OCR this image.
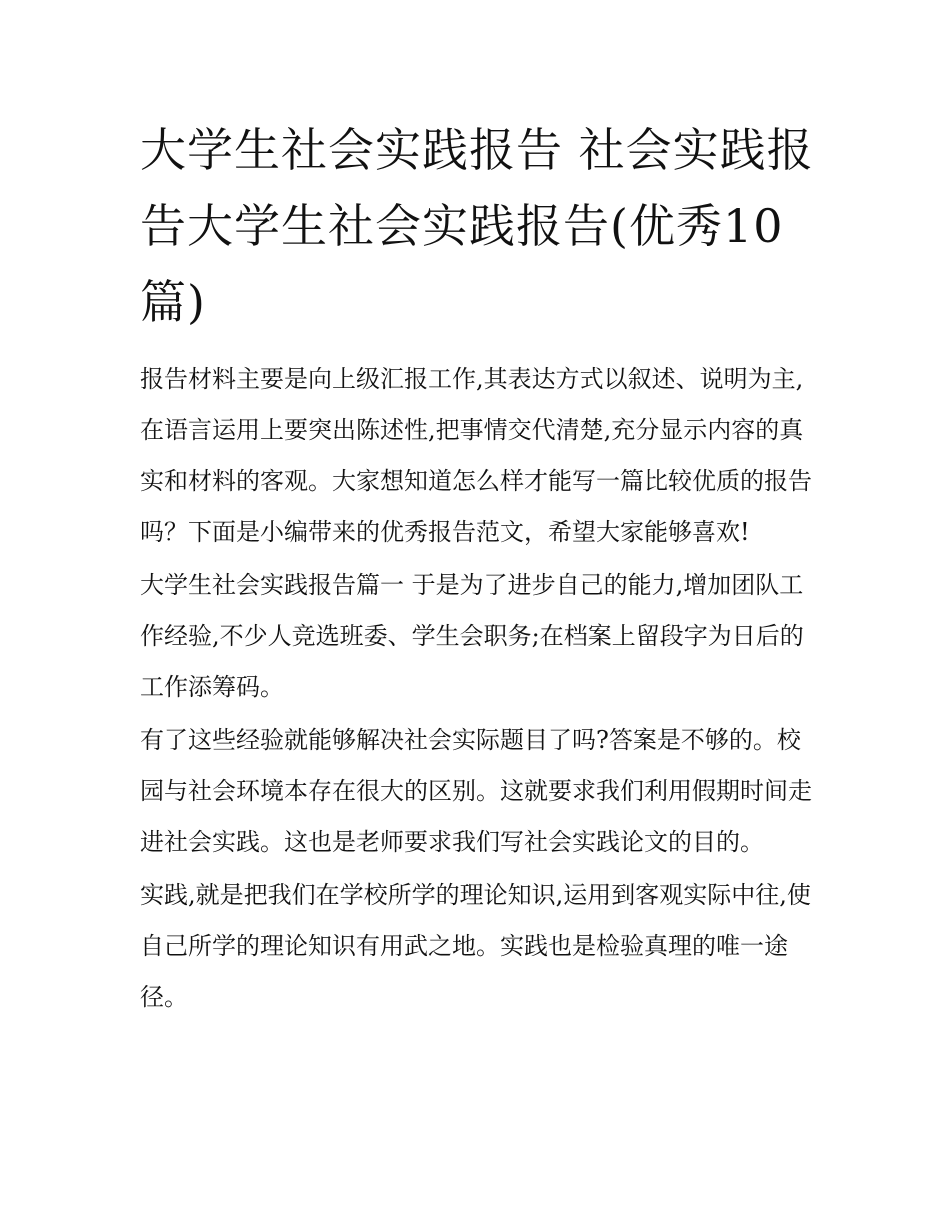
大学生社会实践报告 社会实践报告大学生社会实践报告(优秀10篇)

报告材料主要是向上级汇报工作,其表达方式以叙述、说明为主,在语言运用上要突出陈述性,把事情交代清楚,充分显示内容的真实和材料的客观。大家想知道怎么样才能写一篇比较优质的报告吗？下面是小编带来的优秀报告范文，希望大家能够喜欢!

大学生社会实践报告篇一 于是为了进步自己的能力,增加团队工作经验,不少人竞选班委、学生会职务;在档案上留段字为日后的工作添筹码。

有了这些经验就能够解决社会实际题目了吗?答案是不够的。校园与社会环境本存在很大的区别。这就要求我们利用假期时间走进社会实践。这也是老师要求我们写社会实践论文的目的。

实践,就是把我们在学校所学的理论知识,运用到客观实际中往,使自己所学的理论知识有用武之地。实践也是检验真理的唯一途径。
